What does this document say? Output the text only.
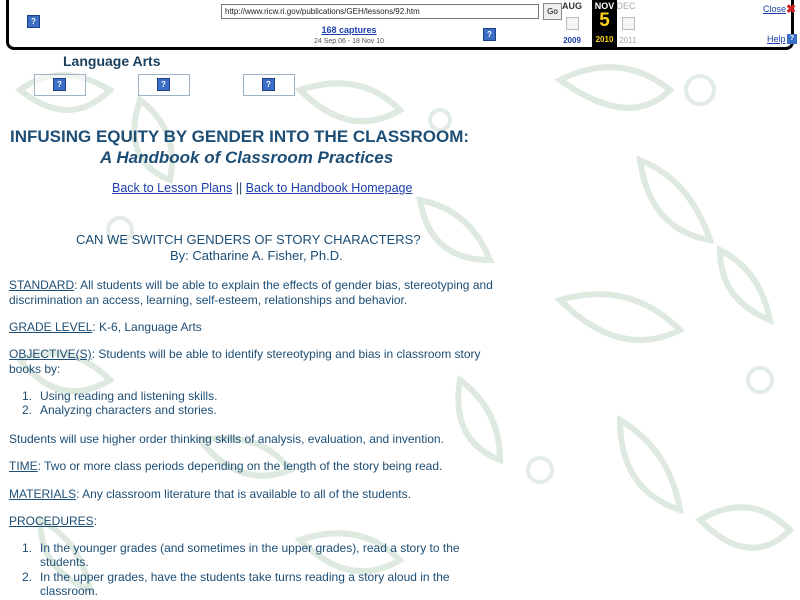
?
http://www.ricw.ri.gov/publications/GEH/lessons/92.htm	Go
168 captures
24 Sep 06 - 18 Nov 10
?
AUG
2009
NOV
5
2010
DEC
2011
Close ✖
Help ?
Language Arts
?	?	?
INFUSING EQUITY BY GENDER INTO THE CLASSROOM:
A Handbook of Classroom Practices
Back to Lesson Plans || Back to Handbook Homepage
CAN WE SWITCH GENDERS OF STORY CHARACTERS?
By: Catharine A. Fisher, Ph.D.
STANDARD: All students will be able to explain the effects of gender bias, stereotyping and discrimination an access, learning, self-esteem, relationships and behavior.
GRADE LEVEL: K-6, Language Arts
OBJECTIVE(S): Students will be able to identify stereotyping and bias in classroom story books by:
1. Using reading and listening skills.
2. Analyzing characters and stories.
Students will use higher order thinking skills of analysis, evaluation, and invention.
TIME: Two or more class periods depending on the length of the story being read.
MATERIALS: Any classroom literature that is available to all of the students.
PROCEDURES:
1. In the younger grades (and sometimes in the upper grades), read a story to the students.
2. In the upper grades, have the students take turns reading a story aloud in the classroom.
